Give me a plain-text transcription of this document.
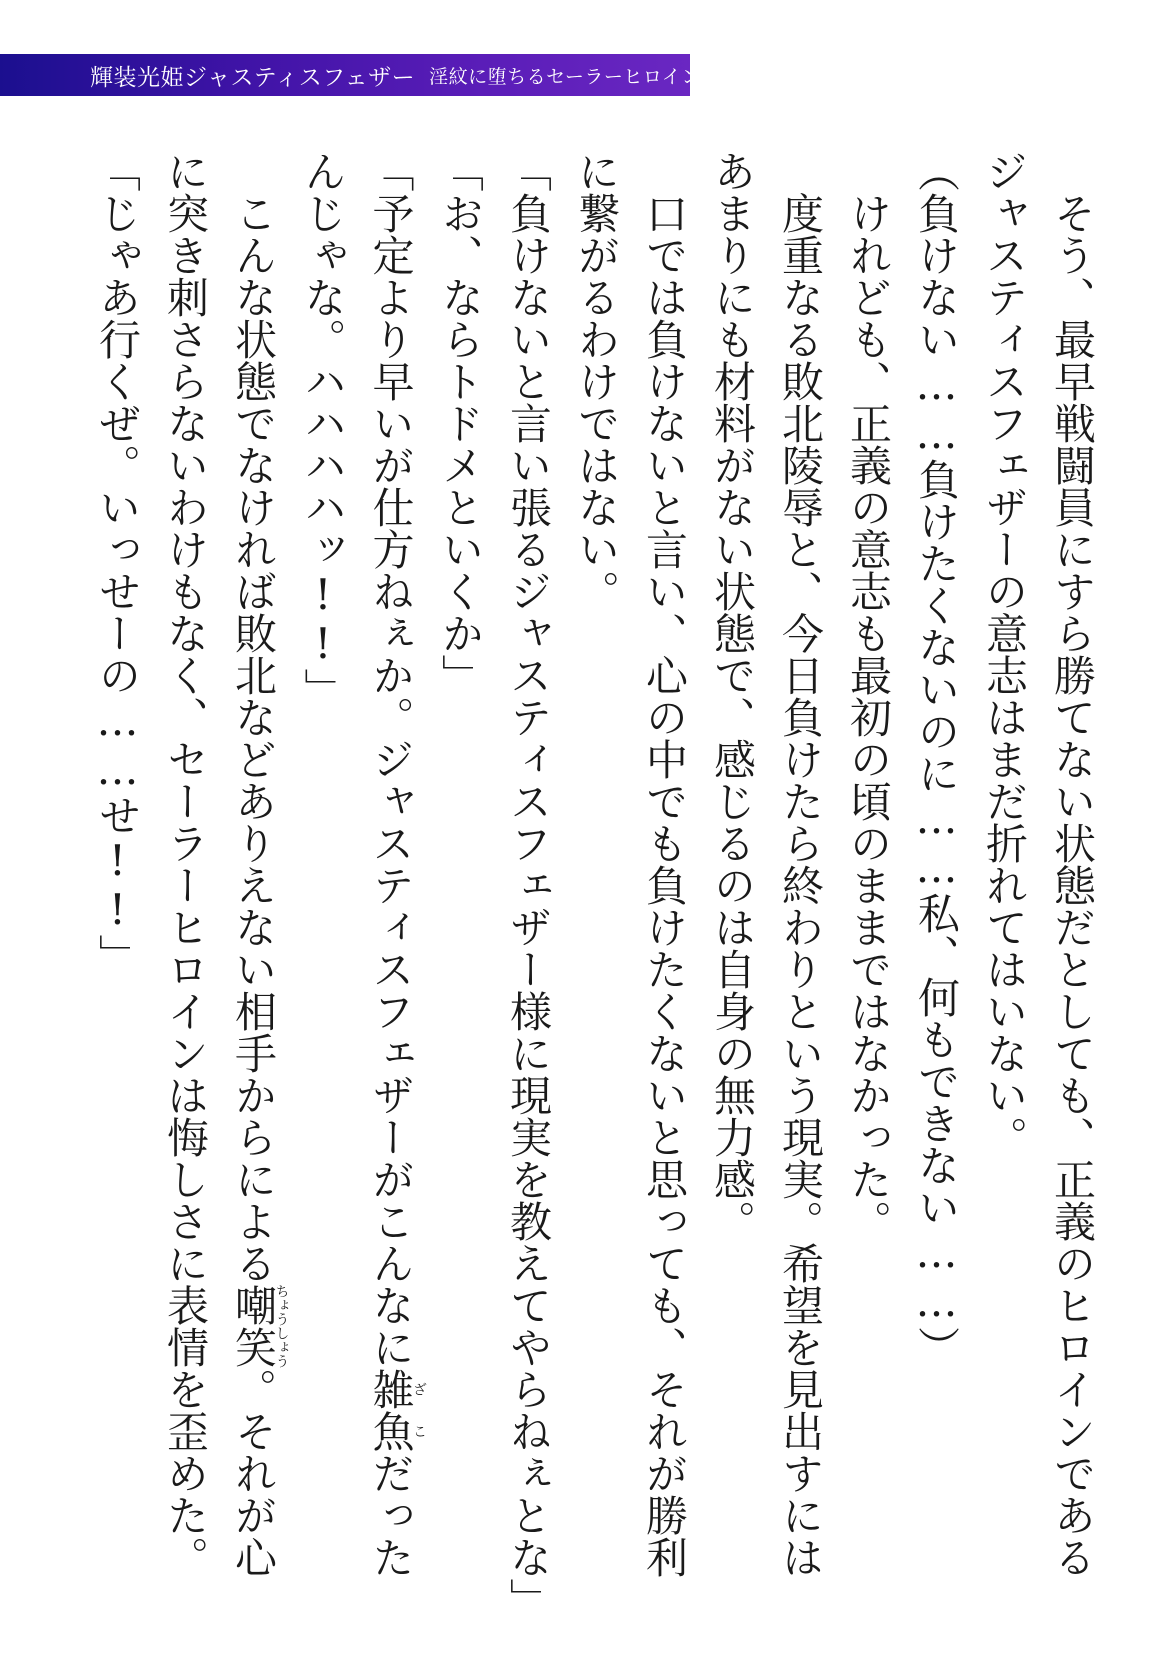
輝装光姫ジャスティスフェザー 淫紋に堕ちるセーラーヒロイン

そう、最早戦闘員にすら勝てない状態だとしても、正義のヒロインであるジャスティスフェザーの意志はまだ折れてはいない。

（負けない……負けたくないのに……私、何もできない……）

けれども、正義の意志も最初の頃のままではなかった。

度重なる敗北陵辱と、今日負けたら終わりという現実。希望を見出すにはあまりにも材料がない状態で、感じるのは自身の無力感。

口では負けないと言い、心の中でも負けたくないと思っても、それが勝利に繋がるわけではない。

「負けないと言い張るジャスティスフェザー様に現実を教えてやらねぇとな」

「お、ならトドメといくか」

「予定より早いが仕方ねぇか。ジャスティスフェザーがこんなに雑魚ざこだったんじゃな。ハハハハッ!!」

こんな状態でなければ敗北などありえない相手からによる嘲笑ちょうしょう。それが心に突き刺さらないわけもなく、セーラーヒロインは悔しさに表情を歪めた。

「じゃあ行くぜ。いっせーの……せ!!」
